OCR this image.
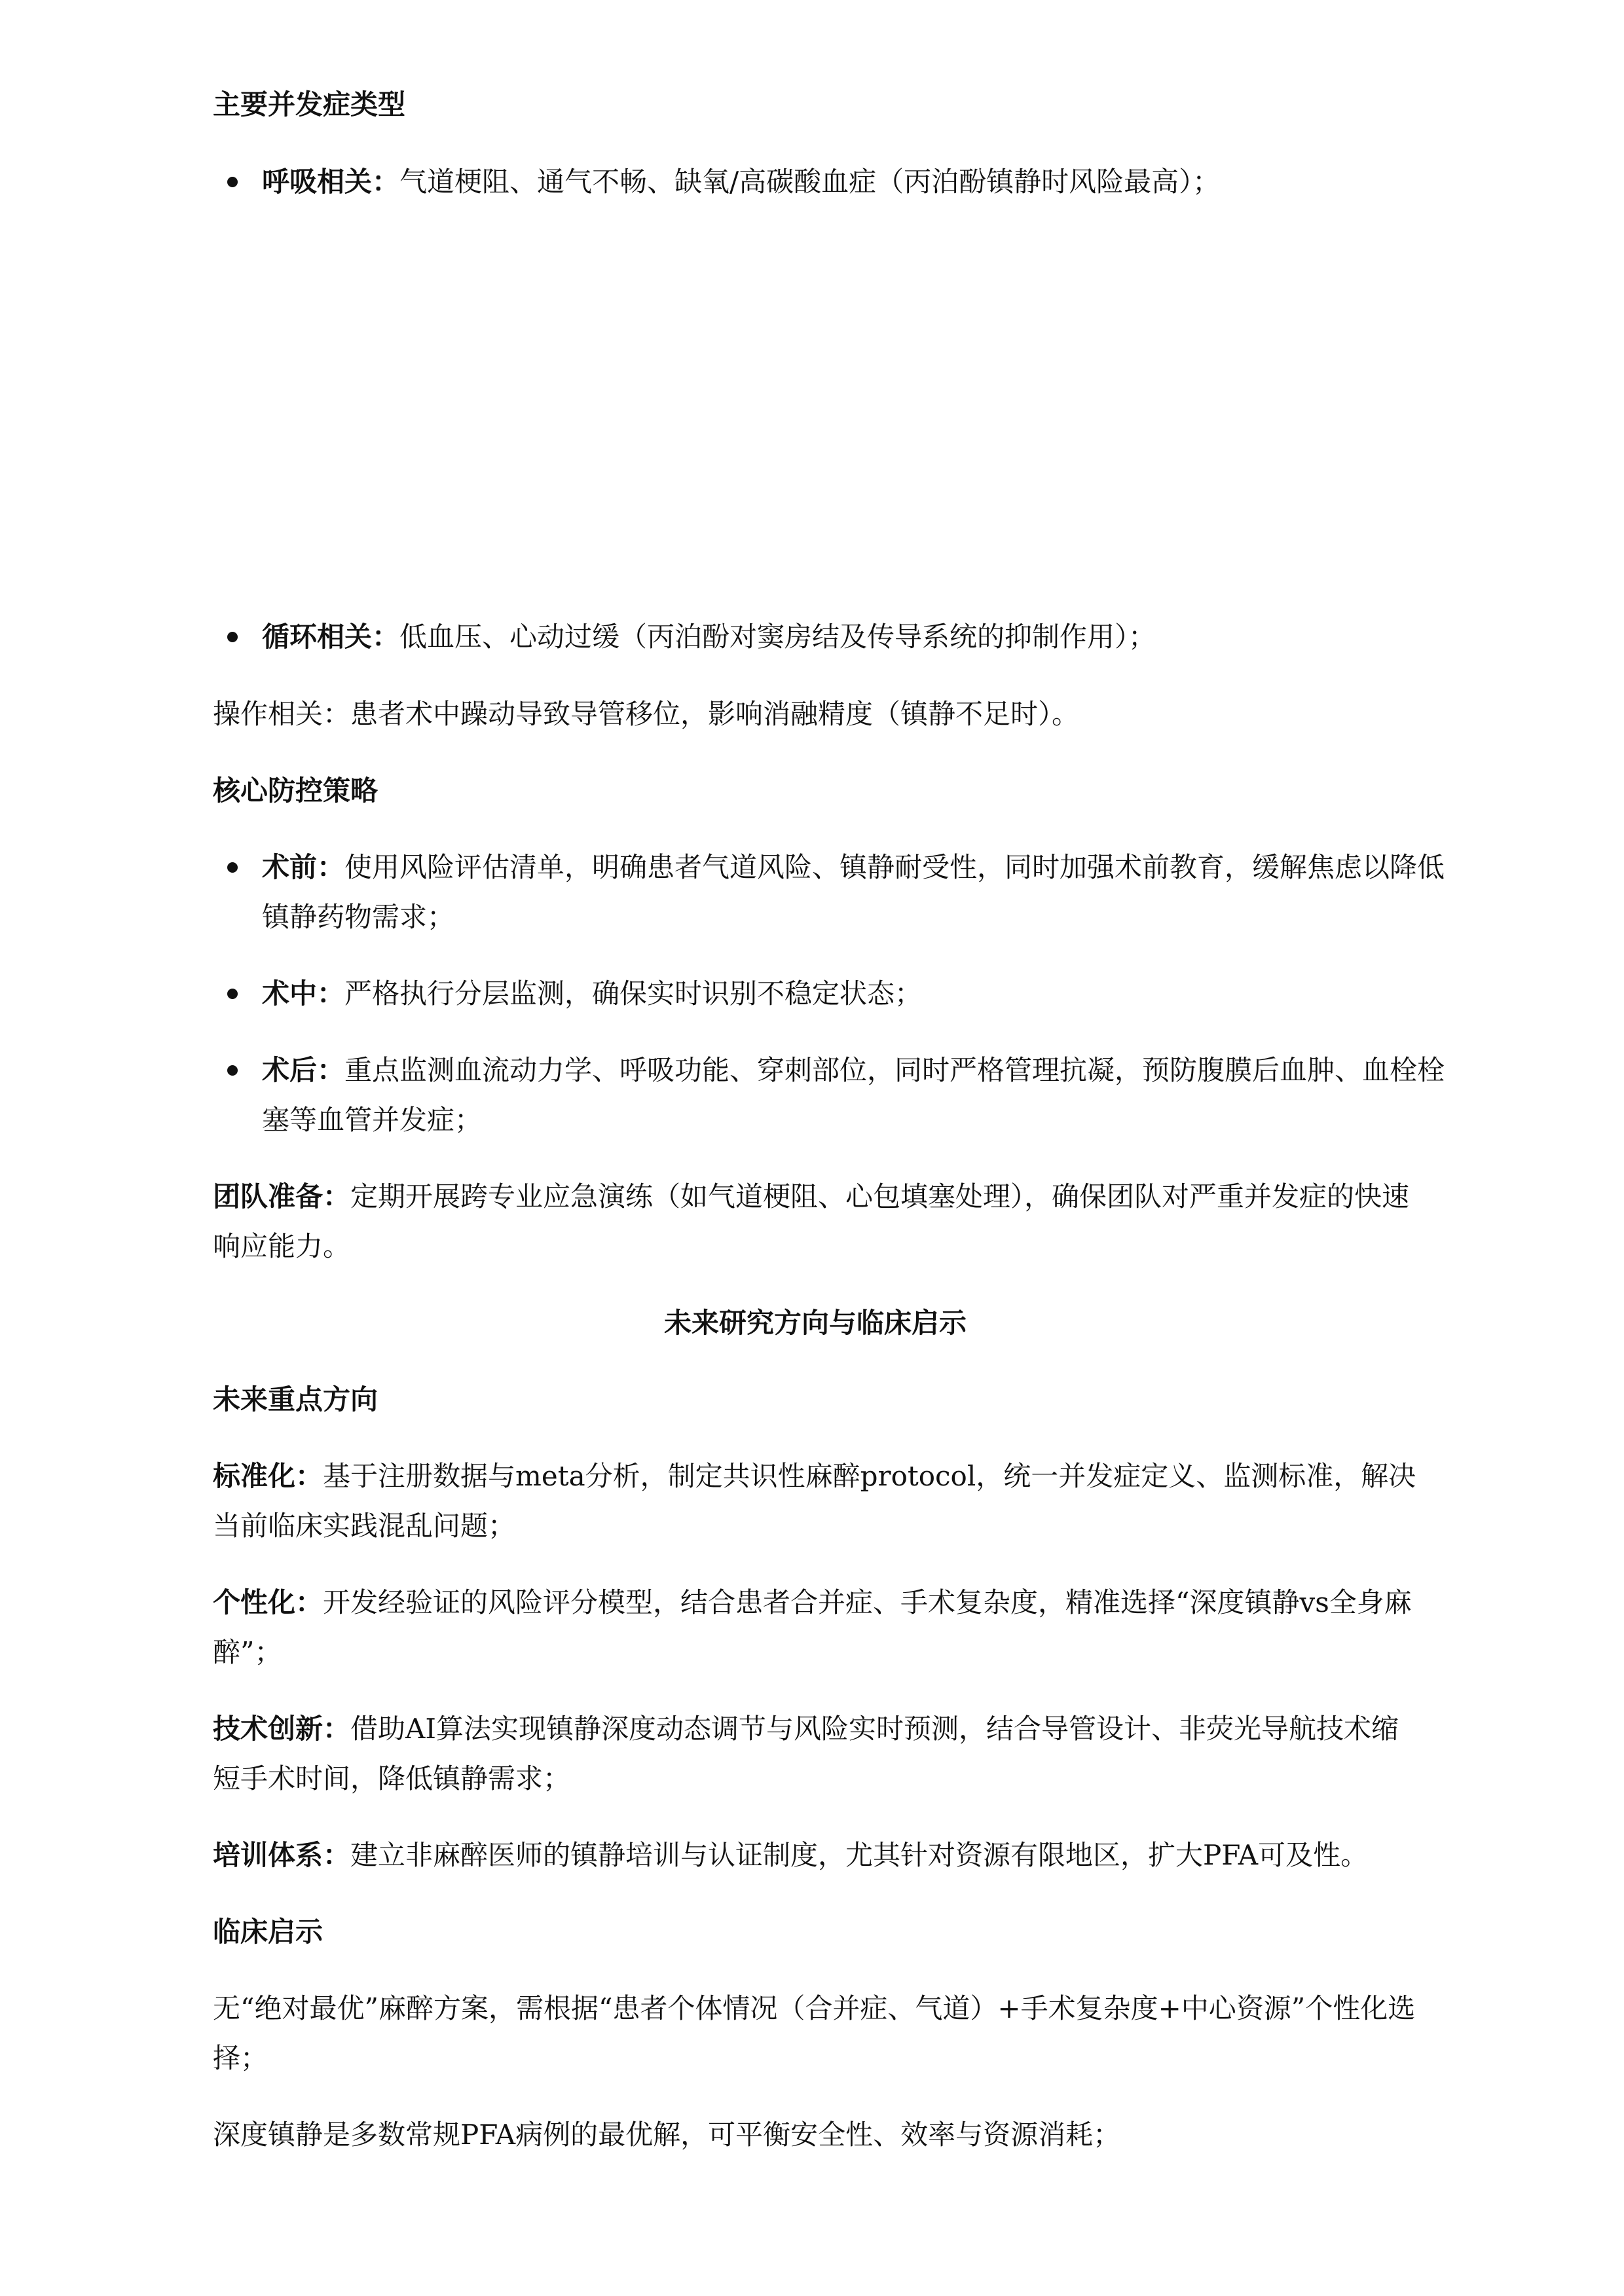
主要并发症类型

呼吸相关：气道梗阻、通气不畅、缺氧/高碳酸血症（丙泊酚镇静时风险最高）；

循环相关：低血压、心动过缓（丙泊酚对窦房结及传导系统的抑制作用）；

操作相关：患者术中躁动导致导管移位，影响消融精度（镇静不足时）。

核心防控策略

术前：使用风险评估清单，明确患者气道风险、镇静耐受性，同时加强术前教育，缓解焦虑以降低镇静药物需求；

术中：严格执行分层监测，确保实时识别不稳定状态；

术后：重点监测血流动力学、呼吸功能、穿刺部位，同时严格管理抗凝，预防腹膜后血肿、血栓栓塞等血管并发症；

团队准备：定期开展跨专业应急演练（如气道梗阻、心包填塞处理），确保团队对严重并发症的快速响应能力。

未来研究方向与临床启示

未来重点方向

标准化：基于注册数据与meta分析，制定共识性麻醉protocol，统一并发症定义、监测标准，解决当前临床实践混乱问题；

个性化：开发经验证的风险评分模型，结合患者合并症、手术复杂度，精准选择“深度镇静vs全身麻醉”；

技术创新：借助AI算法实现镇静深度动态调节与风险实时预测，结合导管设计、非荧光导航技术缩短手术时间，降低镇静需求；

培训体系：建立非麻醉医师的镇静培训与认证制度，尤其针对资源有限地区，扩大PFA可及性。

临床启示

无“绝对最优”麻醉方案，需根据“患者个体情况（合并症、气道）+手术复杂度+中心资源”个性化选择；

深度镇静是多数常规PFA病例的最优解，可平衡安全性、效率与资源消耗；
